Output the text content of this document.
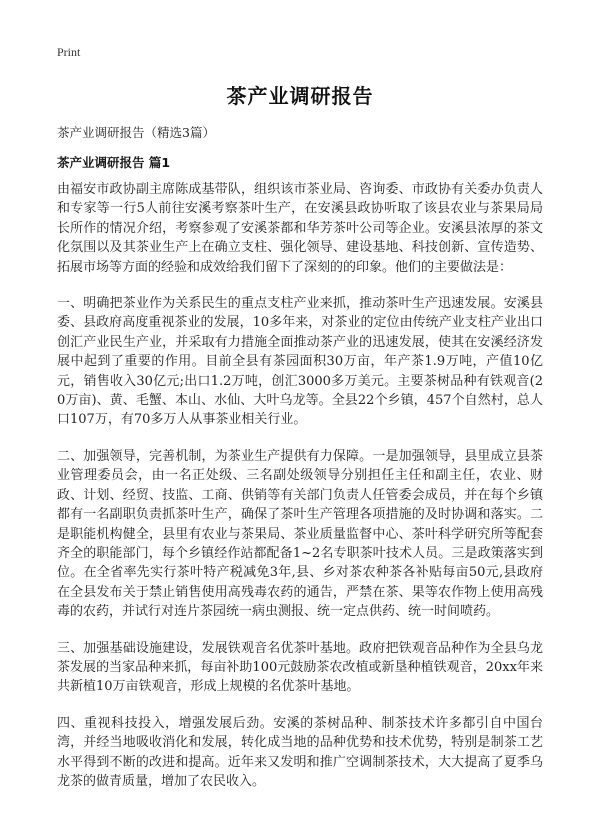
Print
茶产业调研报告
茶产业调研报告（精选3篇）
茶产业调研报告 篇1

由福安市政协副主席陈成基带队，组织该市茶业局、咨询委、市政协有关委办负责人和专家等一行5人前往安溪考察茶叶生产，在安溪县政协听取了该县农业与茶果局局长所作的情况介绍，考察参观了安溪茶都和华芳茶叶公司等企业。安溪县浓厚的茶文化氛围以及其茶业生产上在确立支柱、强化领导、建设基地、科技创新、宣传造势、拓展市场等方面的经验和成效给我们留下了深刻的的印象。他们的主要做法是：

一、明确把茶业作为关系民生的重点支柱产业来抓，推动茶叶生产迅速发展。安溪县委、县政府高度重视茶业的发展，10多年来，对茶业的定位由传统产业支柱产业出口创汇产业民生产业，并采取有力措施全面推动茶产业的迅速发展，使其在安溪经济发展中起到了重要的作用。目前全县有茶园面积30万亩，年产茶1.9万吨，产值10亿元，销售收入30亿元;出口1.2万吨，创汇3000多万美元。主要茶树品种有铁观音(20万亩)、黄、毛蟹、本山、水仙、大叶乌龙等。全县22个乡镇，457个自然村，总人口107万，有70多万人从事茶业相关行业。

二、加强领导，完善机制，为茶业生产提供有力保障。一是加强领导，县里成立县茶业管理委员会，由一名正处级、三名副处级领导分别担任主任和副主任，农业、财政、计划、经贸、技监、工商、供销等有关部门负责人任管委会成员，并在每个乡镇都有一名副职负责抓茶叶生产，确保了茶叶生产管理各项措施的及时协调和落实。二是职能机构健全，县里有农业与茶果局、茶业质量监督中心、茶叶科学研究所等配套齐全的职能部门，每个乡镇经作站都配备1~2名专职茶叶技术人员。三是政策落实到位。在全省率先实行茶叶特产税减免3年,县、乡对茶农种茶各补贴每亩50元,县政府在全县发布关于禁止销售使用高残毒农药的通告，严禁在茶、果等农作物上使用高残毒的农药，并试行对连片茶园统一病虫测报、统一定点供药、统一时间喷药。

三、加强基础设施建设，发展铁观音名优茶叶基地。政府把铁观音品种作为全县乌龙茶发展的当家品种来抓，每亩补助100元鼓励茶农改植或新垦种植铁观音，20xx年来共新植10万亩铁观音，形成上规模的名优茶叶基地。

四、重视科技投入，增强发展后劲。安溪的茶树品种、制茶技术许多都引自中国台湾，并经当地吸收消化和发展，转化成当地的品种优势和技术优势，特别是制茶工艺水平得到不断的改进和提高。近年来又发明和推广空调制茶技术，大大提高了夏季乌龙茶的做青质量，增加了农民收入。
